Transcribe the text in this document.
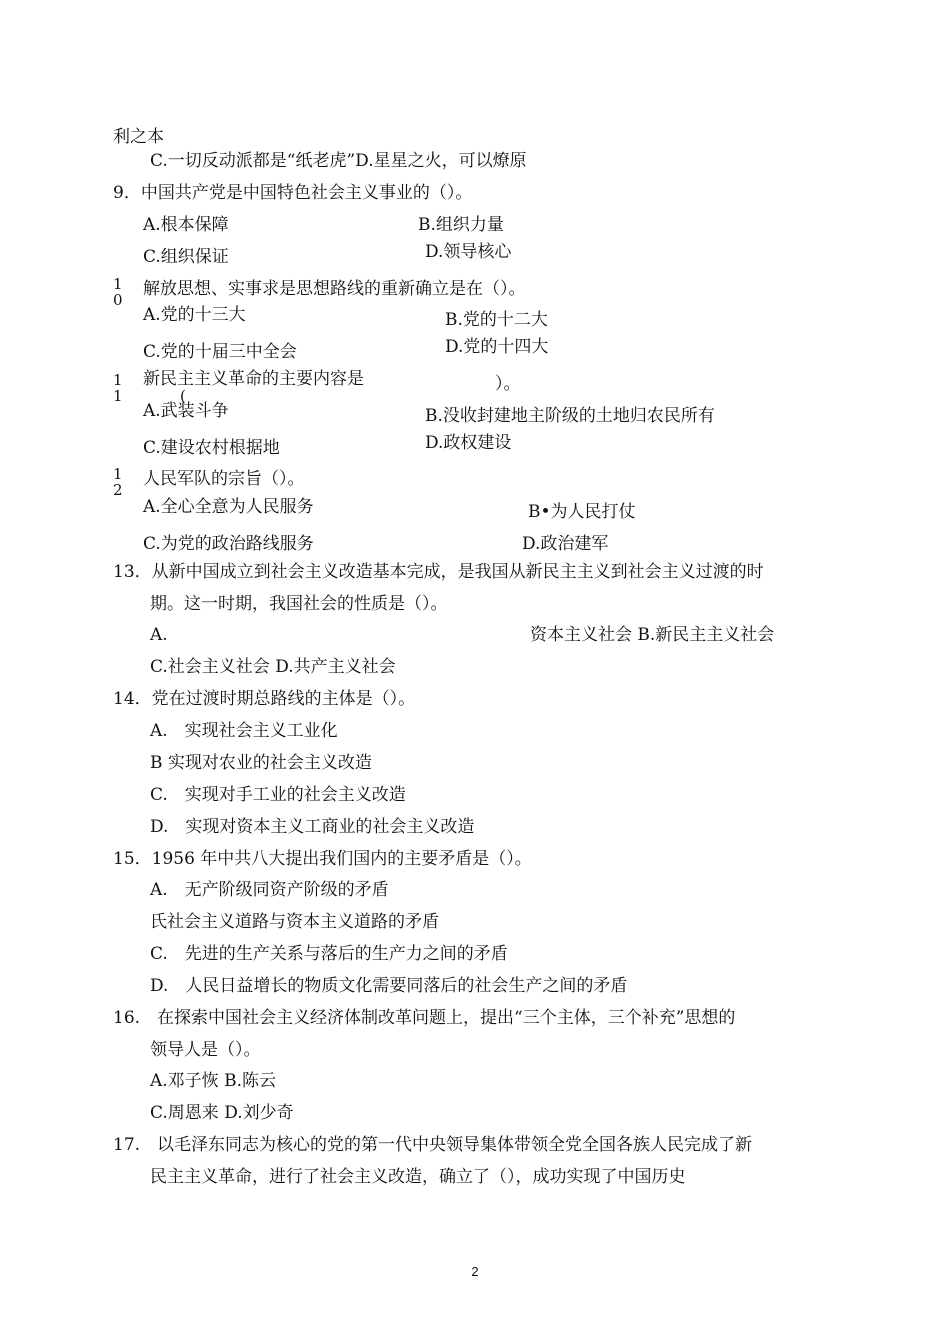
利之本
C.一切反动派都是“纸老虎”D.星星之火，可以燎原
9．中国共产党是中国特色社会主义事业的（）。
A.根本保障	B.组织力量
C.组织保证	D.领导核心
1
0
解放思想、实事求是思想路线的重新确立是在（）。
A.党的十三大	B.党的十二大
C.党的十届三中全会	D.党的十四大
1
1
新民主主义革命的主要内容是	）。
(
A.武装斗争	B.没收封建地主阶级的土地归农民所有
C.建设农村根据地	D.政权建设
1
2
人民军队的宗旨（）。
A.全心全意为人民服务	B•为人民打仗
C.为党的政治路线服务	D.政治建军
13．从新中国成立到社会主义改造基本完成，是我国从新民主主义到社会主义过渡的时
期。这一时期，我国社会的性质是（）。
A.	资本主义社会 B.新民主主义社会
C.社会主义社会 D.共产主义社会
14．党在过渡时期总路线的主体是（）。
A.　实现社会主义工业化
B 实现对农业的社会主义改造
C.　实现对手工业的社会主义改造
D.　实现对资本主义工商业的社会主义改造
15．1956 年中共八大提出我们国内的主要矛盾是（）。
A.　无产阶级同资产阶级的矛盾
氏社会主义道路与资本主义道路的矛盾
C.　先进的生产关系与落后的生产力之间的矛盾
D.　人民日益增长的物质文化需要同落后的社会生产之间的矛盾
16.　在探索中国社会主义经济体制改革问题上，提出“三个主体，三个补充”思想的
领导人是（）。
A.邓子恢 B.陈云
C.周恩来 D.刘少奇
17.　以毛泽东同志为核心的党的第一代中央领导集体带领全党全国各族人民完成了新
民主主义革命，进行了社会主义改造，确立了（），成功实现了中国历史
2
